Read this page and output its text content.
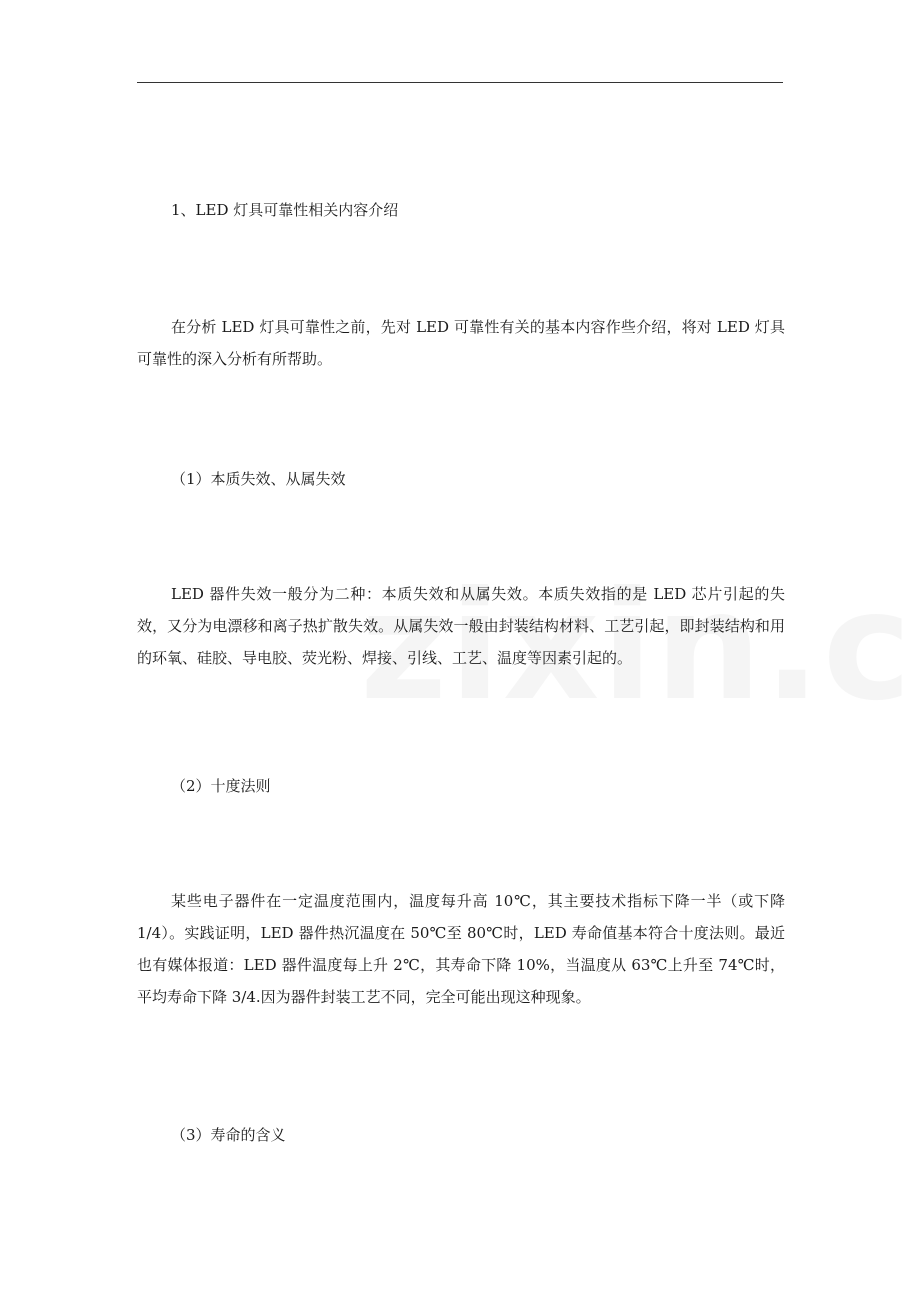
1、LED 灯具可靠性相关内容介绍

在分析 LED 灯具可靠性之前，先对 LED 可靠性有关的基本内容作些介绍，将对 LED 灯具可靠性的深入分析有所帮助。

（1）本质失效、从属失效

LED 器件失效一般分为二种：本质失效和从属失效。本质失效指的是 LED 芯片引起的失效，又分为电漂移和离子热扩散失效。从属失效一般由封装结构材料、工艺引起，即封装结构和用的环氧、硅胶、导电胶、荧光粉、焊接、引线、工艺、温度等因素引起的。

（2）十度法则

某些电子器件在一定温度范围内，温度每升高 10℃，其主要技术指标下降一半（或下降 1/4）。实践证明，LED 器件热沉温度在 50℃至 80℃时，LED 寿命值基本符合十度法则。最近也有媒体报道：LED 器件温度每上升 2℃，其寿命下降 10%，当温度从 63℃上升至 74℃时，平均寿命下降 3/4.因为器件封装工艺不同，完全可能出现这种现象。

（3）寿命的含义
